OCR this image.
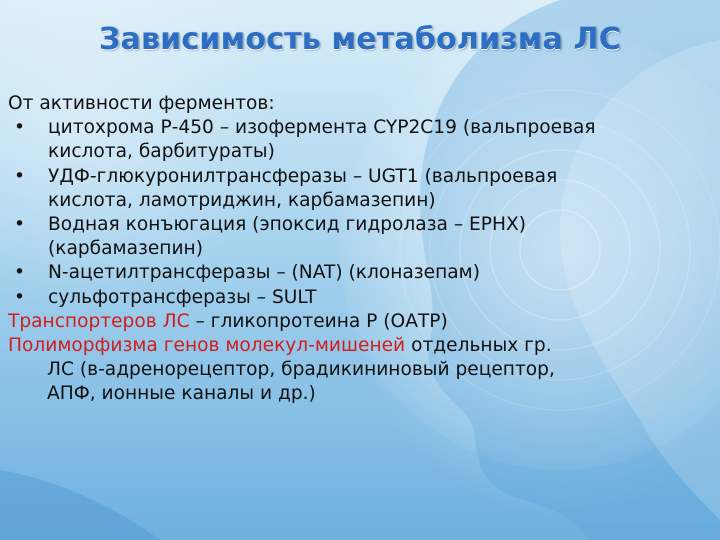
Зависимость метаболизма ЛС
От активности ферментов:
• цитохрома Р-450 – изофермента CYP2C19 (вальпроевая
кислота, барбитураты)
• УДФ-глюкуронилтрансферазы – UGT1 (вальпроевая
кислота, ламотриджин, карбамазепин)
• Водная конъюгация (эпоксид гидролаза – EPHX)
(карбамазепин)
• N-ацетилтрансферазы – (NAT) (клоназепам)
• сульфотрансферазы – SULT
Транспортеров ЛС – гликопротеина Р (ОАТР)
Полиморфизма генов молекул-мишеней отдельных гр.
ЛС (в-адренорецептор, брадикининовый рецептор,
АПФ, ионные каналы и др.)
